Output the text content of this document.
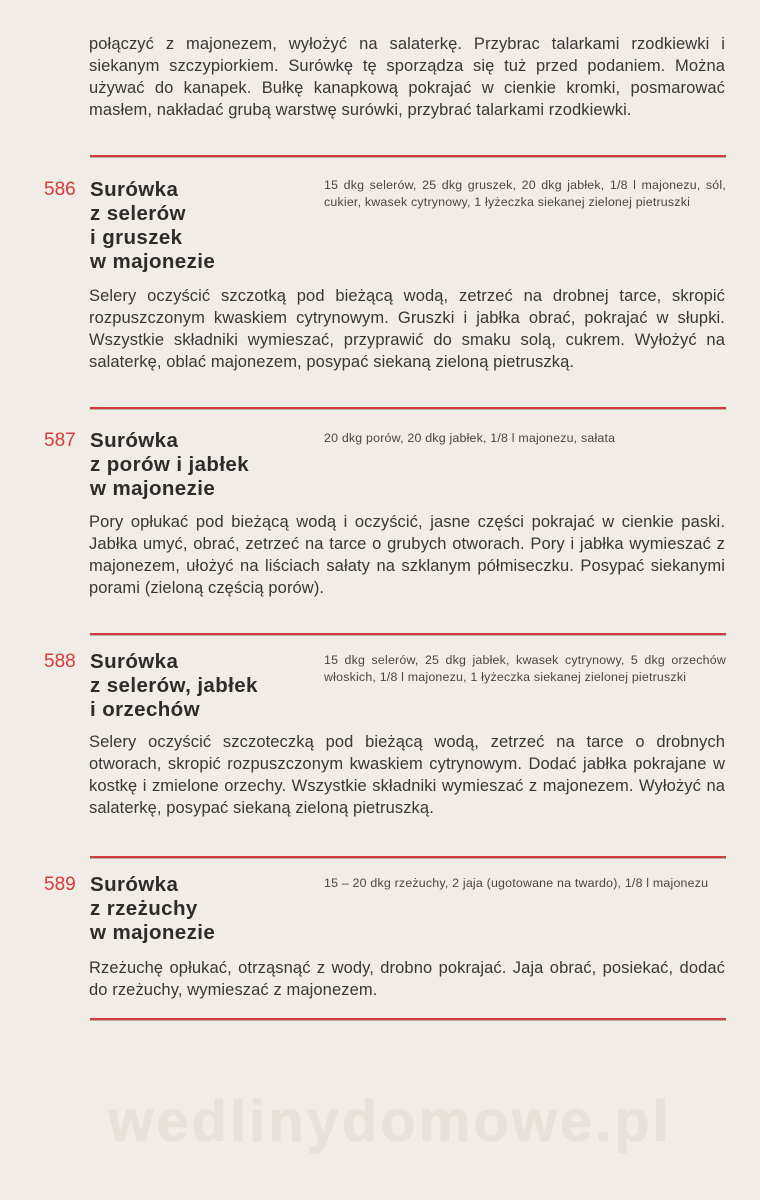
połączyć z majonezem, wyłożyć na salaterkę. Przybrac talarkami rzodkiewki i siekanym szczypiorkiem. Surówkę tę sporządza się tuż przed podaniem. Można używać do kanapek. Bułkę kanapkową pokrajać w cienkie kromki, posmarować masłem, nakładać grubą warstwę surówki, przybrać talarkami rzodkiewki.
586 Surówka
z selerów
i gruszek
w majonezie
15 dkg selerów, 25 dkg gruszek, 20 dkg jabłek, 1/8 l majonezu, sól, cukier, kwasek cytrynowy, 1 łyżeczka siekanej zielonej pietruszki
Selery oczyścić szczotką pod bieżącą wodą, zetrzeć na drobnej tarce, skropić rozpuszczonym kwaskiem cytrynowym. Gruszki i jabłka obrać, pokrajać w słupki. Wszystkie składniki wymieszać, przyprawić do smaku solą, cukrem. Wyłożyć na salaterkę, oblać majonezem, posypać siekaną zieloną pietruszką.
587 Surówka
z porów i jabłek
w majonezie
20 dkg porów, 20 dkg jabłek, 1/8 l majonezu, sałata
Pory opłukać pod bieżącą wodą i oczyścić, jasne części pokrajać w cienkie paski. Jabłka umyć, obrać, zetrzeć na tarce o grubych otworach. Pory i jabłka wymieszać z majonezem, ułożyć na liściach sałaty na szklanym półmiseczku. Posypać siekanymi porami (zieloną częścią porów).
588 Surówka
z selerów, jabłek
i orzechów
15 dkg selerów, 25 dkg jabłek, kwasek cytrynowy, 5 dkg orzechów włoskich, 1/8 l majonezu, 1 łyżeczka siekanej zielonej pietruszki
Selery oczyścić szczoteczką pod bieżącą wodą, zetrzeć na tarce o drobnych otworach, skropić rozpuszczonym kwaskiem cytrynowym. Dodać jabłka pokrajane w kostkę i zmielone orzechy. Wszystkie składniki wymieszać z majonezem. Wyłożyć na salaterkę, posypać siekaną zieloną pietruszką.
589 Surówka
z rzeżuchy
w majonezie
15 – 20 dkg rzeżuchy, 2 jaja (ugotowane na twardo), 1/8 l majonezu
Rzeżuchę opłukać, otrząsnąć z wody, drobno pokrajać. Jaja obrać, posiekać, dodać do rzeżuchy, wymieszać z majonezem.
wedlinydomowe.pl
